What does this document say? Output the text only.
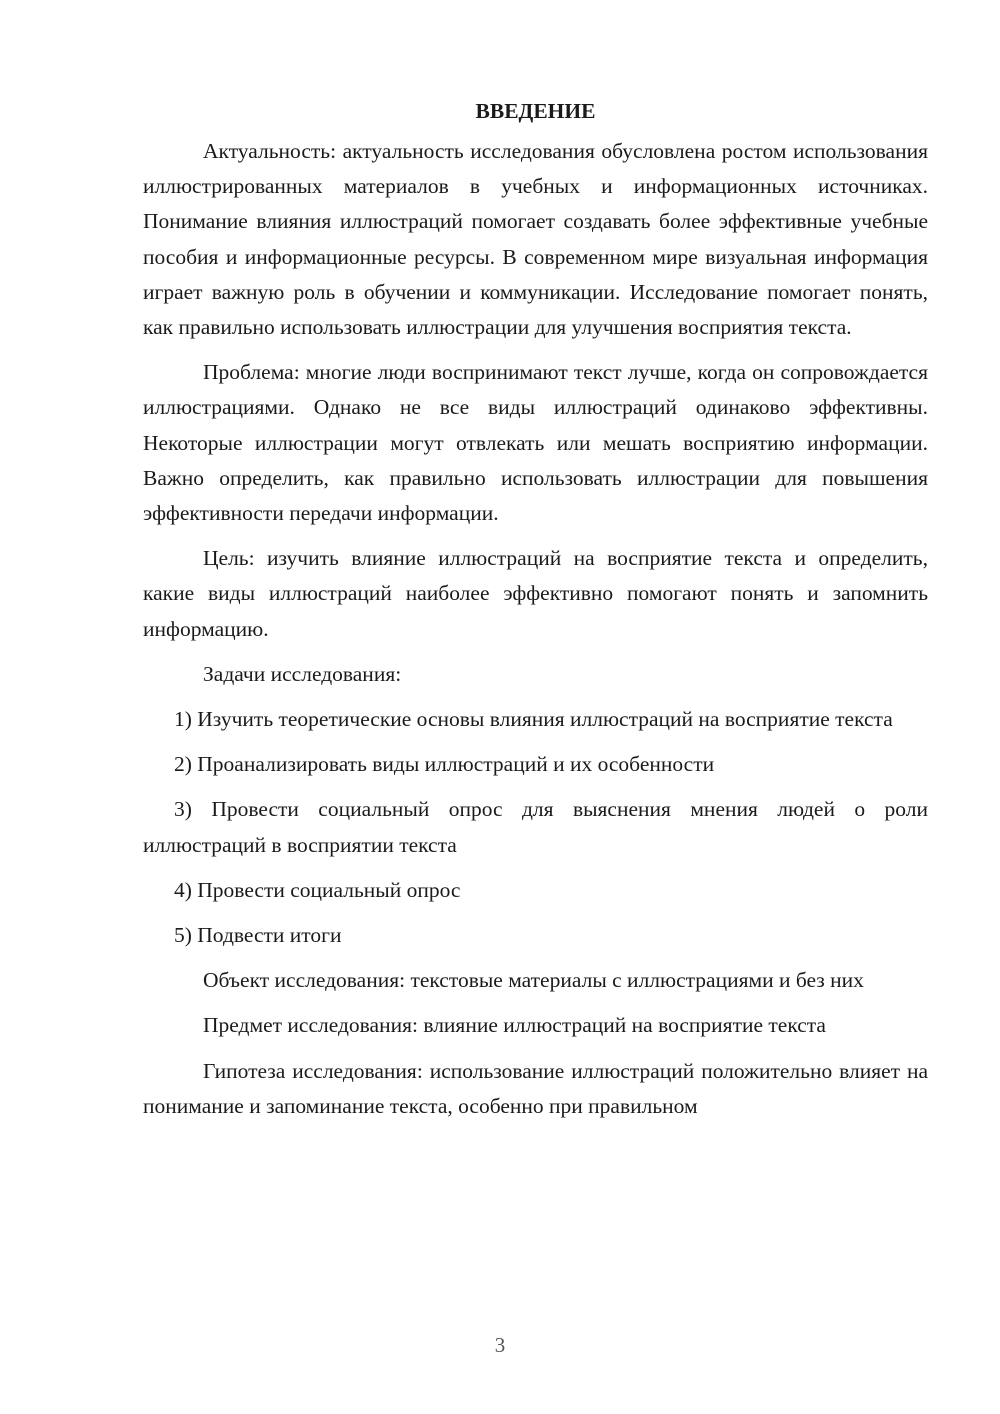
ВВЕДЕНИЕ

Актуальность: актуальность исследования обусловлена ростом использования иллюстрированных материалов в учебных и информационных источниках. Понимание влияния иллюстраций помогает создавать более эффективные учебные пособия и информационные ресурсы. В современном мире визуальная информация играет важную роль в обучении и коммуникации. Исследование помогает понять, как правильно использовать иллюстрации для улучшения восприятия текста.

Проблема: многие люди воспринимают текст лучше, когда он сопровождается иллюстрациями. Однако не все виды иллюстраций одинаково эффективны. Некоторые иллюстрации могут отвлекать или мешать восприятию информации. Важно определить, как правильно использовать иллюстрации для повышения эффективности передачи информации.

Цель: изучить влияние иллюстраций на восприятие текста и определить, какие виды иллюстраций наиболее эффективно помогают понять и запомнить информацию.

Задачи исследования:

1) Изучить теоретические основы влияния иллюстраций на восприятие текста

2) Проанализировать виды иллюстраций и их особенности

3) Провести социальный опрос для выяснения мнения людей о роли иллюстраций в восприятии текста

4) Провести социальный опрос

5) Подвести итоги

Объект исследования: текстовые материалы с иллюстрациями и без них

Предмет исследования: влияние иллюстраций на восприятие текста

Гипотеза исследования: использование иллюстраций положительно влияет на понимание и запоминание текста, особенно при правильном

3
